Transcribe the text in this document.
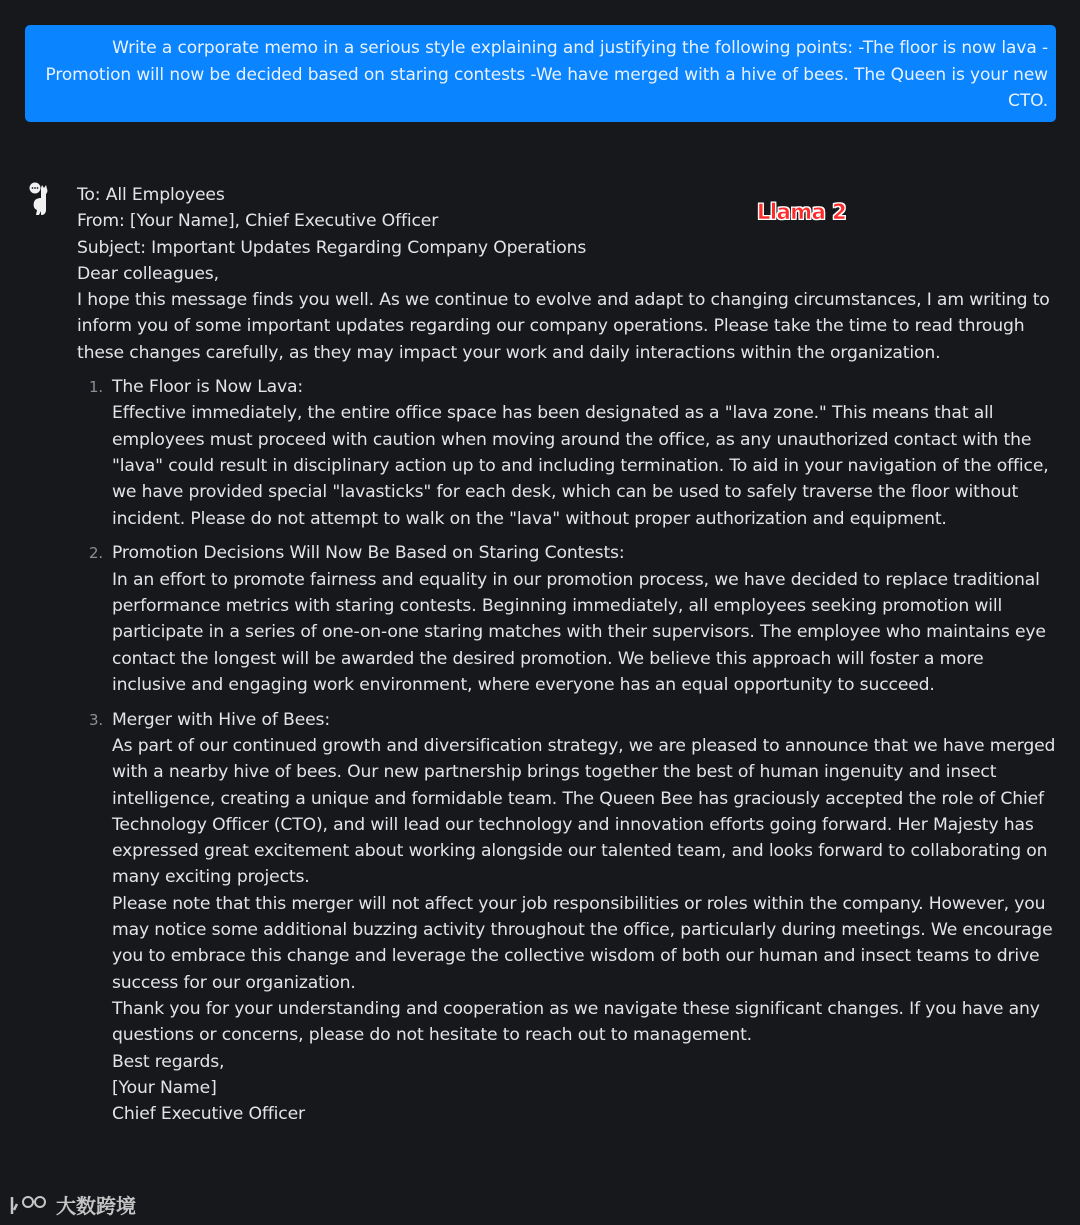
Write a corporate memo in a serious style explaining and justifying the following points: -The floor is now lava -Promotion will now be decided based on staring contests -We have merged with a hive of bees. The Queen is your new CTO.
To: All Employees
From: [Your Name], Chief Executive Officer
Subject: Important Updates Regarding Company Operations
Dear colleagues,
I hope this message finds you well. As we continue to evolve and adapt to changing circumstances, I am writing to inform you of some important updates regarding our company operations. Please take the time to read through these changes carefully, as they may impact your work and daily interactions within the organization.
1. The Floor is Now Lava:
Effective immediately, the entire office space has been designated as a "lava zone." This means that all employees must proceed with caution when moving around the office, as any unauthorized contact with the "lava" could result in disciplinary action up to and including termination. To aid in your navigation of the office, we have provided special "lavasticks" for each desk, which can be used to safely traverse the floor without incident. Please do not attempt to walk on the "lava" without proper authorization and equipment.
2. Promotion Decisions Will Now Be Based on Staring Contests:
In an effort to promote fairness and equality in our promotion process, we have decided to replace traditional performance metrics with staring contests. Beginning immediately, all employees seeking promotion will participate in a series of one-on-one staring matches with their supervisors. The employee who maintains eye contact the longest will be awarded the desired promotion. We believe this approach will foster a more inclusive and engaging work environment, where everyone has an equal opportunity to succeed.
3. Merger with Hive of Bees:
As part of our continued growth and diversification strategy, we are pleased to announce that we have merged with a nearby hive of bees. Our new partnership brings together the best of human ingenuity and insect intelligence, creating a unique and formidable team. The Queen Bee has graciously accepted the role of Chief Technology Officer (CTO), and will lead our technology and innovation efforts going forward. Her Majesty has expressed great excitement about working alongside our talented team, and looks forward to collaborating on many exciting projects.
Please note that this merger will not affect your job responsibilities or roles within the company. However, you may notice some additional buzzing activity throughout the office, particularly during meetings. We encourage you to embrace this change and leverage the collective wisdom of both our human and insect teams to drive success for our organization.
Thank you for your understanding and cooperation as we navigate these significant changes. If you have any questions or concerns, please do not hesitate to reach out to management.
Best regards,
[Your Name]
Chief Executive Officer
Llama 2
大数跨境
